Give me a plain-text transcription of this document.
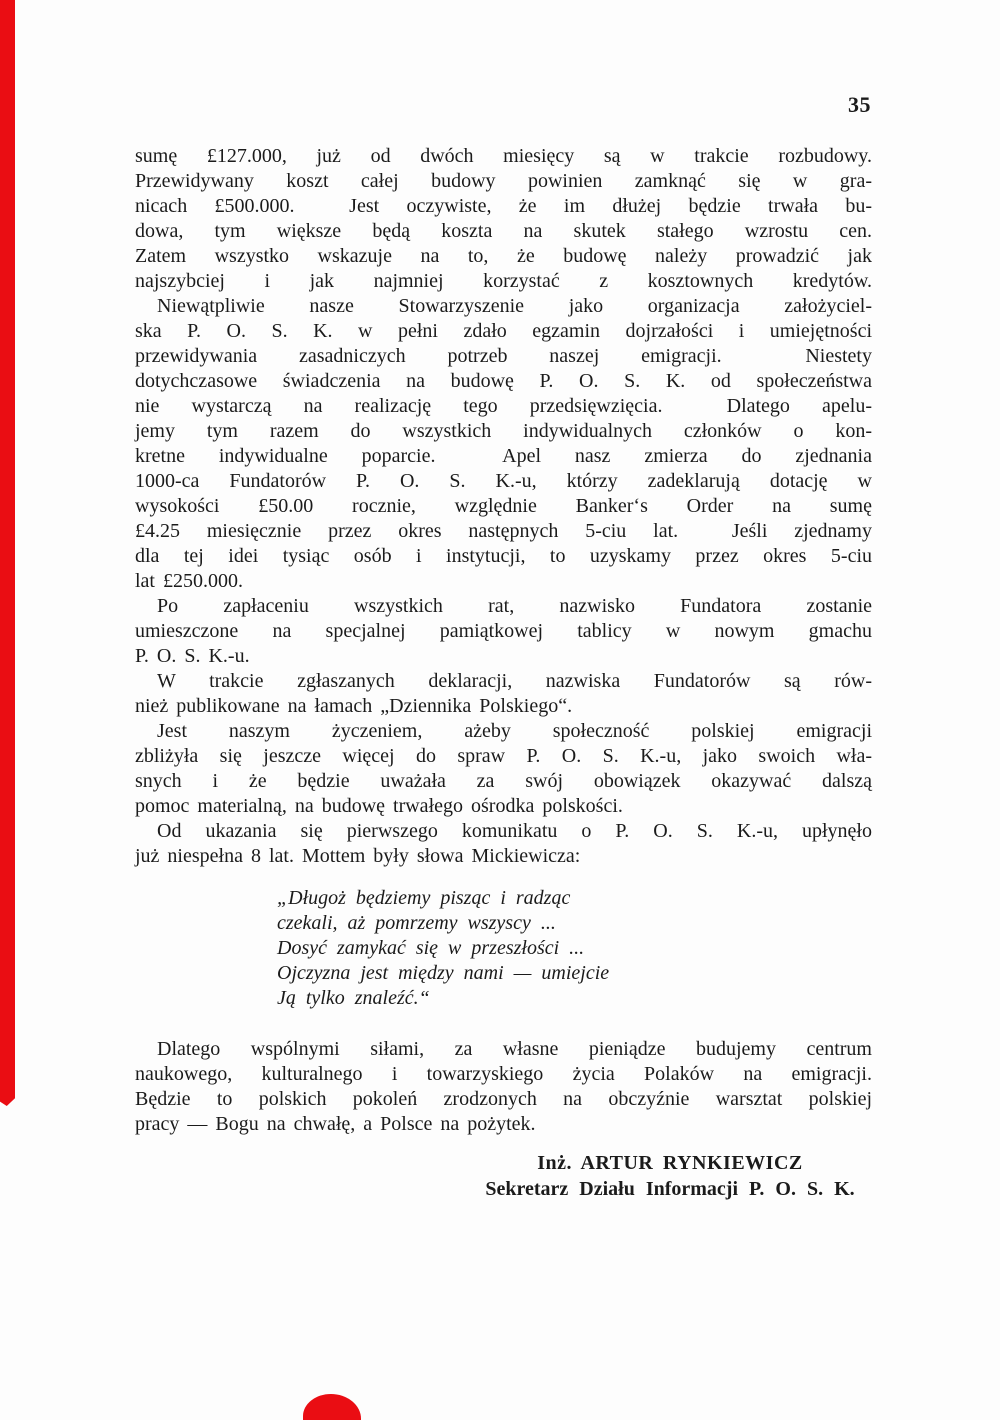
35
sumę £127.000, już od dwóch miesięcy są w trakcie rozbudowy.
Przewidywany koszt całej budowy powinien zamknąć się w gra-
nicach £500.000.  Jest oczywiste, że im dłużej będzie trwała bu-
dowa, tym większe będą koszta na skutek stałego wzrostu cen.
Zatem wszystko wskazuje na to, że budowę należy prowadzić jak
najszybciej i jak najmniej korzystać z kosztownych kredytów.
Niewątpliwie nasze Stowarzyszenie jako organizacja założyciel-
ska P. O. S. K. w pełni zdało egzamin dojrzałości i umiejętności
przewidywania zasadniczych potrzeb naszej emigracji.  Niestety
dotychczasowe świadczenia na budowę P. O. S. K. od społeczeństwa
nie wystarczą na realizację tego przedsięwzięcia.  Dlatego apelu-
jemy tym razem do wszystkich indywidualnych członków o kon-
kretne indywidualne poparcie.  Apel nasz zmierza do zjednania
1000-ca Fundatorów P. O. S. K.-u, którzy zadeklarują dotację w
wysokości £50.00 rocznie, względnie Banker‘s Order na sumę
£4.25 miesięcznie przez okres następnych 5-ciu lat.  Jeśli zjednamy
dla tej idei tysiąc osób i instytucji, to uzyskamy przez okres 5-ciu
lat £250.000.
Po zapłaceniu wszystkich rat, nazwisko Fundatora zostanie
umieszczone na specjalnej pamiątkowej tablicy w nowym gmachu
P. O. S. K.-u.
W trakcie zgłaszanych deklaracji, nazwiska Fundatorów są rów-
nież publikowane na łamach „Dziennika Polskiego“.
Jest naszym życzeniem, ażeby społeczność polskiej emigracji
zbliżyła się jeszcze więcej do spraw P. O. S. K.-u, jako swoich wła-
snych i że będzie uważała za swój obowiązek okazywać dalszą
pomoc materialną, na budowę trwałego ośrodka polskości.
Od ukazania się pierwszego komunikatu o P. O. S. K.-u, upłynęło
już niespełna 8 lat. Mottem były słowa Mickiewicza:
„Długoż będziemy pisząc i radząc
czekali, aż pomrzemy wszyscy ...
Dosyć zamykać się w przeszłości ...
Ojczyzna jest między nami — umiejcie
Ją tylko znaleźć.“
Dlatego wspólnymi siłami, za własne pieniądze budujemy centrum
naukowego, kulturalnego i towarzyskiego życia Polaków na emigracji.
Będzie to polskich pokoleń zrodzonych na obczyźnie warsztat polskiej
pracy — Bogu na chwałę, a Polsce na pożytek.
Inż. ARTUR RYNKIEWICZ
Sekretarz Działu Informacji P. O. S. K.
